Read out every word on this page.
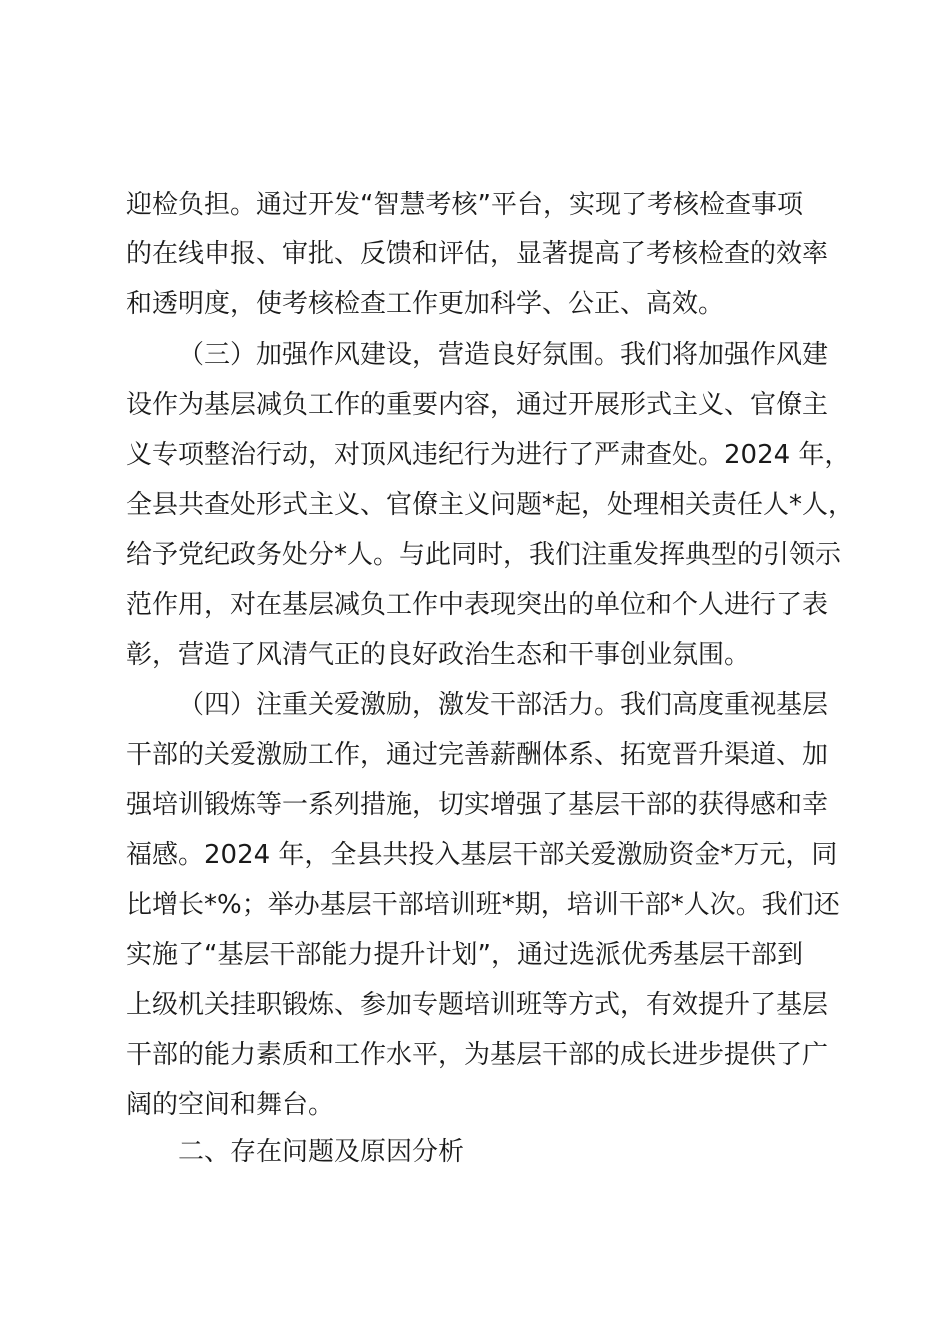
迎检负担。通过开发“智慧考核”平台，实现了考核检查事项
的在线申报、审批、反馈和评估，显著提高了考核检查的效率
和透明度，使考核检查工作更加科学、公正、高效。
（三）加强作风建设，营造良好氛围。我们将加强作风建
设作为基层减负工作的重要内容，通过开展形式主义、官僚主
义专项整治行动，对顶风违纪行为进行了严肃查处。2024 年，
全县共查处形式主义、官僚主义问题*起，处理相关责任人*人，
给予党纪政务处分*人。与此同时，我们注重发挥典型的引领示
范作用，对在基层减负工作中表现突出的单位和个人进行了表
彰，营造了风清气正的良好政治生态和干事创业氛围。
（四）注重关爱激励，激发干部活力。我们高度重视基层
干部的关爱激励工作，通过完善薪酬体系、拓宽晋升渠道、加
强培训锻炼等一系列措施，切实增强了基层干部的获得感和幸
福感。2024 年，全县共投入基层干部关爱激励资金*万元，同
比增长*%；举办基层干部培训班*期，培训干部*人次。我们还
实施了“基层干部能力提升计划”，通过选派优秀基层干部到
上级机关挂职锻炼、参加专题培训班等方式，有效提升了基层
干部的能力素质和工作水平，为基层干部的成长进步提供了广
阔的空间和舞台。
二、存在问题及原因分析
